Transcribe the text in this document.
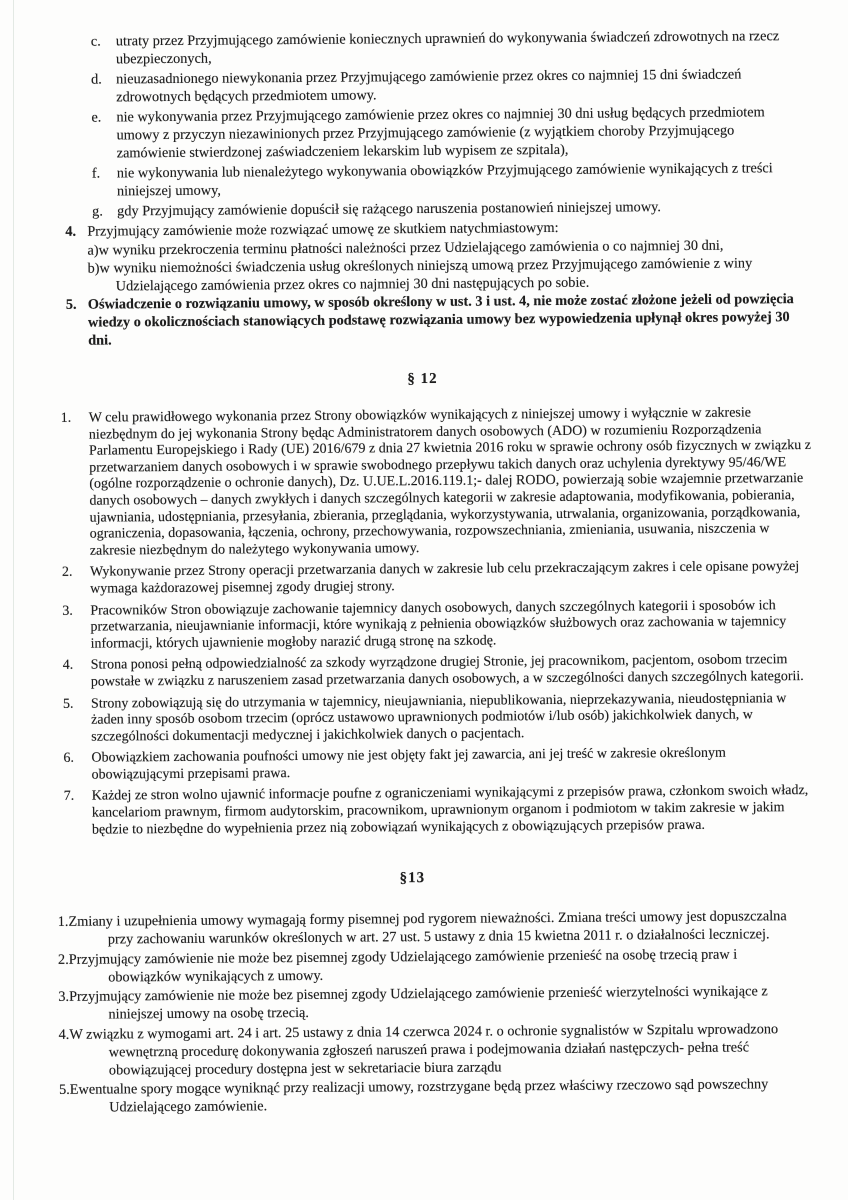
c. utraty przez Przyjmującego zamówienie koniecznych uprawnień do wykonywania świadczeń zdrowotnych na rzecz ubezpieczonych,
d. nieuzasadnionego niewykonania przez Przyjmującego zamówienie przez okres co najmniej 15 dni świadczeń zdrowotnych będących przedmiotem umowy.
e. nie wykonywania przez Przyjmującego zamówienie przez okres co najmniej 30 dni usług będących przedmiotem umowy z przyczyn niezawinionych przez Przyjmującego zamówienie (z wyjątkiem choroby Przyjmującego zamówienie stwierdzonej zaświadczeniem lekarskim lub wypisem ze szpitala),
f. nie wykonywania lub nienależytego wykonywania obowiązków Przyjmującego zamówienie wynikających z treści niniejszej umowy,
g. gdy Przyjmujący zamówienie dopuścił się rażącego naruszenia postanowień niniejszej umowy.
4. Przyjmujący zamówienie może rozwiązać umowę ze skutkiem natychmiastowym:
a)w wyniku przekroczenia terminu płatności należności przez Udzielającego zamówienia o co najmniej 30 dni,
b)w wyniku niemożności świadczenia usług określonych niniejszą umową przez Przyjmującego zamówienie z winy Udzielającego zamówienia przez okres co najmniej 30 dni następujących po sobie.
5. Oświadczenie o rozwiązaniu umowy, w sposób określony w ust. 3 i ust. 4, nie może zostać złożone jeżeli od powzięcia wiedzy o okolicznościach stanowiących podstawę rozwiązania umowy bez wypowiedzenia upłynął okres powyżej 30 dni.
§ 12
1. W celu prawidłowego wykonania przez Strony obowiązków wynikających z niniejszej umowy i wyłącznie w zakresie niezbędnym do jej wykonania Strony będąc Administratorem danych osobowych (ADO) w rozumieniu Rozporządzenia Parlamentu Europejskiego i Rady (UE) 2016/679 z dnia 27 kwietnia 2016 roku w sprawie ochrony osób fizycznych w związku z przetwarzaniem danych osobowych i w sprawie swobodnego przepływu takich danych oraz uchylenia dyrektywy 95/46/WE (ogólne rozporządzenie o ochronie danych), Dz. U.UE.L.2016.119.1;- dalej RODO, powierzają sobie wzajemnie przetwarzanie danych osobowych – danych zwykłych i danych szczególnych kategorii w zakresie adaptowania, modyfikowania, pobierania, ujawniania, udostępniania, przesyłania, zbierania, przeglądania, wykorzystywania, utrwalania, organizowania, porządkowania, ograniczenia, dopasowania, łączenia, ochrony, przechowywania, rozpowszechniania, zmieniania, usuwania, niszczenia w zakresie niezbędnym do należytego wykonywania umowy.
2. Wykonywanie przez Strony operacji przetwarzania danych w zakresie lub celu przekraczającym zakres i cele opisane powyżej wymaga każdorazowej pisemnej zgody drugiej strony.
3. Pracowników Stron obowiązuje zachowanie tajemnicy danych osobowych, danych szczególnych kategorii i sposobów ich przetwarzania, nieujawnianie informacji, które wynikają z pełnienia obowiązków służbowych oraz zachowania w tajemnicy informacji, których ujawnienie mogłoby narazić drugą stronę na szkodę.
4. Strona ponosi pełną odpowiedzialność za szkody wyrządzone drugiej Stronie, jej pracownikom, pacjentom, osobom trzecim powstałe w związku z naruszeniem zasad przetwarzania danych osobowych, a w szczególności danych szczególnych kategorii.
5. Strony zobowiązują się do utrzymania w tajemnicy, nieujawniania, niepublikowania, nieprzekazywania, nieudostępniania w żaden inny sposób osobom trzecim (oprócz ustawowo uprawnionych podmiotów i/lub osób) jakichkolwiek danych, w szczególności dokumentacji medycznej i jakichkolwiek danych o pacjentach.
6. Obowiązkiem zachowania poufności umowy nie jest objęty fakt jej zawarcia, ani jej treść w zakresie określonym obowiązującymi przepisami prawa.
7. Każdej ze stron wolno ujawnić informacje poufne z ograniczeniami wynikającymi z przepisów prawa, członkom swoich władz, kancelariom prawnym, firmom audytorskim, pracownikom, uprawnionym organom i podmiotom w takim zakresie w jakim będzie to niezbędne do wypełnienia przez nią zobowiązań wynikających z obowiązujących przepisów prawa.
§13
1.Zmiany i uzupełnienia umowy wymagają formy pisemnej pod rygorem nieważności. Zmiana treści umowy jest dopuszczalna przy zachowaniu warunków określonych w art. 27 ust. 5 ustawy z dnia 15 kwietna 2011 r. o działalności leczniczej.
2.Przyjmujący zamówienie nie może bez pisemnej zgody Udzielającego zamówienie przenieść na osobę trzecią praw i obowiązków wynikających z umowy.
3.Przyjmujący zamówienie nie może bez pisemnej zgody Udzielającego zamówienie przenieść wierzytelności wynikające z niniejszej umowy na osobę trzecią.
4.W związku z wymogami art. 24 i art. 25 ustawy z dnia 14 czerwca 2024 r. o ochronie sygnalistów w Szpitalu wprowadzono wewnętrzną procedurę dokonywania zgłoszeń naruszeń prawa i podejmowania działań następczych- pełna treść obowiązującej procedury dostępna jest w sekretariacie biura zarządu
5.Ewentualne spory mogące wyniknąć przy realizacji umowy, rozstrzygane będą przez właściwy rzeczowo sąd powszechny Udzielającego zamówienie.
